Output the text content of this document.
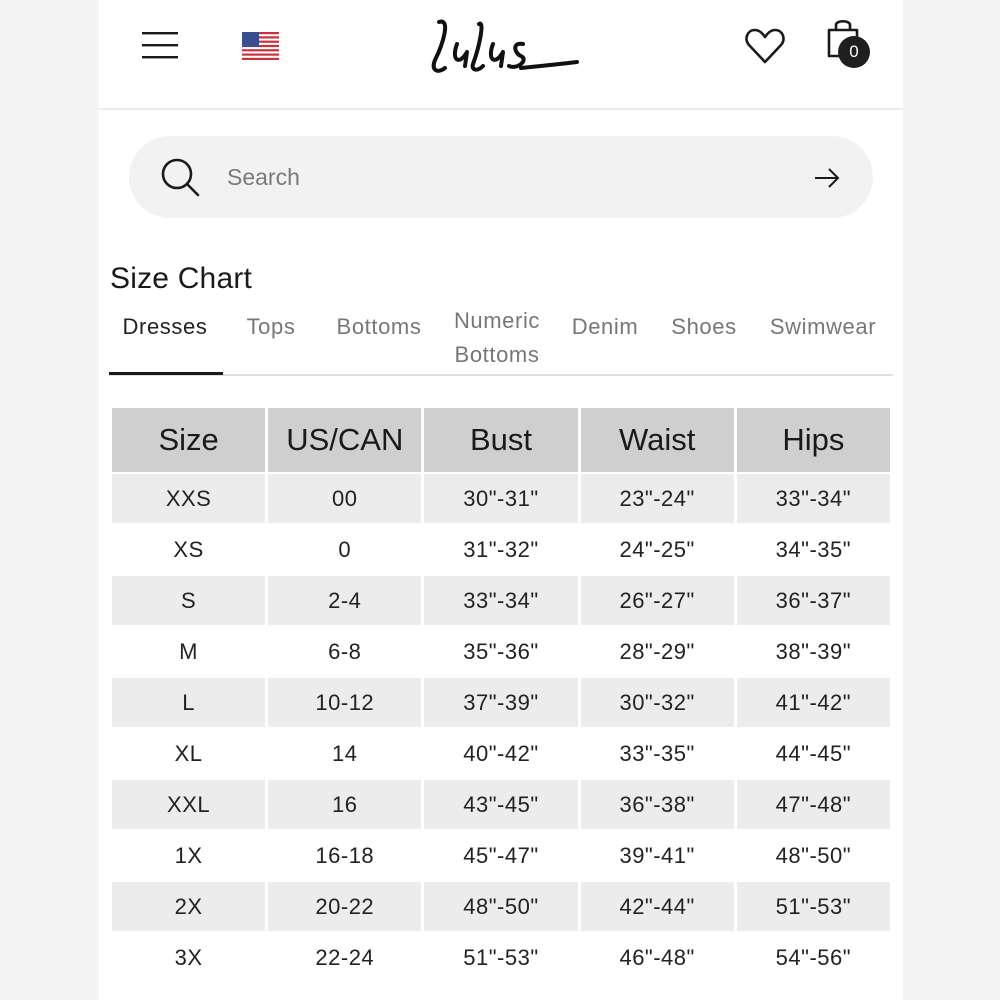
0
Search
Size Chart
Dresses Tops Bottoms	Numeric Bottoms
Denim Shoes Swimwear
Size	US/CAN	Bust	Waist	Hips
XXS	00	30"-31"	23"-24"	33"-34"
XS	0	31"-32"	24"-25"	34"-35"
S	2-4	33"-34"	26"-27"	36"-37"
M	6-8	35"-36"	28"-29"	38"-39"
L	10-12	37"-39"	30"-32"	41"-42"
XL	14	40"-42"	33"-35"	44"-45"
XXL	16	43"-45"	36"-38"	47"-48"
1X	16-18	45"-47"	39"-41"	48"-50"
2X	20-22	48"-50"	42"-44"	51"-53"
3X	22-24	51"-53"	46"-48"	54"-56"
